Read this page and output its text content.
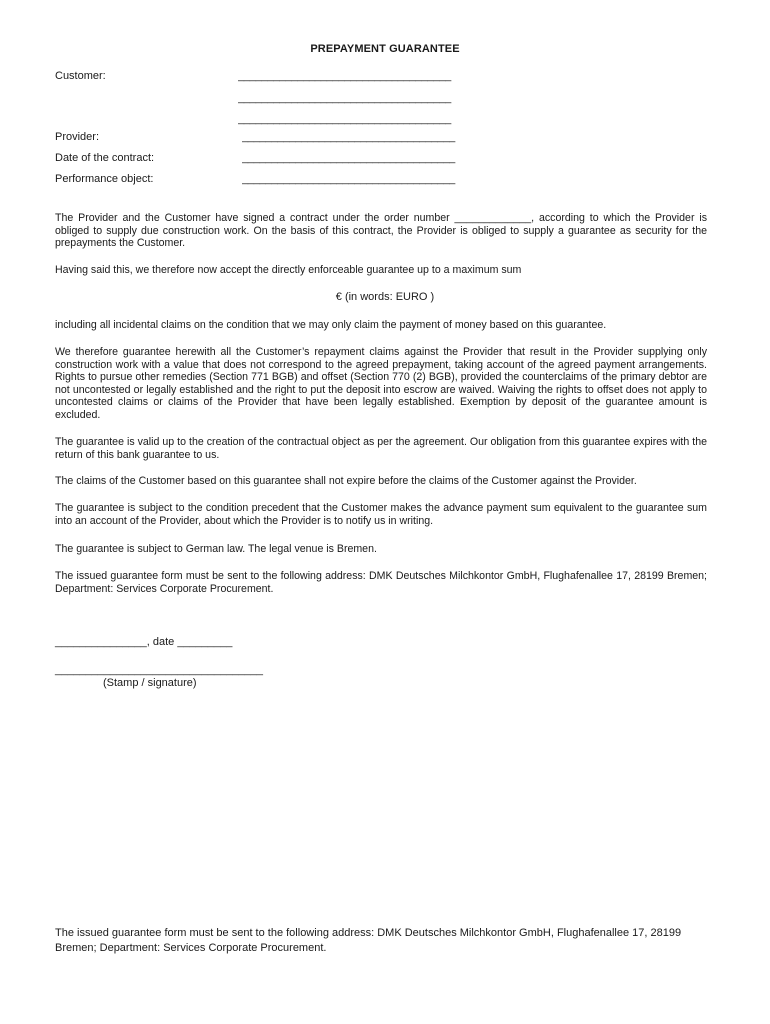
PREPAYMENT GUARANTEE
Customer:	____________________________________
____________________________________
____________________________________
Provider:	____________________________________
Date of the contract:	____________________________________
Performance object:	____________________________________
The Provider and the Customer have signed a contract under the order number _____________, according to which the Provider is obliged to supply due construction work. On the basis of this contract, the Provider is obliged to supply a guarantee as security for the prepayments the Customer.
Having said this, we therefore now accept the directly enforceable guarantee up to a maximum sum
€ (in words: EURO )
including all incidental claims on the condition that we may only claim the payment of money based on this guarantee.
We therefore guarantee herewith all the Customer’s repayment claims against the Provider that result in the Provider supplying only construction work with a value that does not correspond to the agreed prepayment, taking account of the agreed payment arrangements. Rights to pursue other remedies (Section 771 BGB) and offset (Section 770 (2) BGB), provided the counterclaims of the primary debtor are not uncontested or legally established and the right to put the deposit into escrow are waived. Waiving the rights to offset does not apply to uncontested claims or claims of the Provider that have been legally established. Exemption by deposit of the guarantee amount is excluded.
The guarantee is valid up to the creation of the contractual object as per the agreement. Our obligation from this guarantee expires with the return of this bank guarantee to us.
The claims of the Customer based on this guarantee shall not expire before the claims of the Customer against the Provider.
The guarantee is subject to the condition precedent that the Customer makes the advance payment sum equivalent to the guarantee sum into an account of the Provider, about which the Provider is to notify us in writing.
The guarantee is subject to German law. The legal venue is Bremen.
The issued guarantee form must be sent to the following address: DMK Deutsches Milchkontor GmbH, Flughafenallee 17, 28199 Bremen; Department: Services Corporate Procurement.
_______________, date _________
__________________________________
(Stamp / signature)
The issued guarantee form must be sent to the following address: DMK Deutsches Milchkontor GmbH, Flughafenallee 17, 28199 Bremen; Department: Services Corporate Procurement.
